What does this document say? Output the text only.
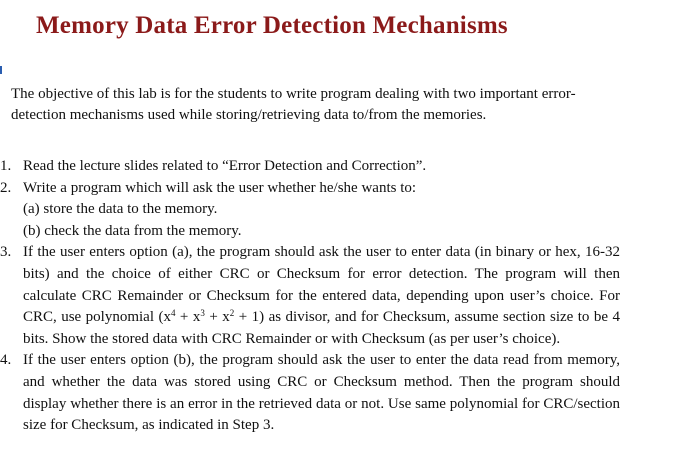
Memory Data Error Detection Mechanisms

The objective of this lab is for the students to write program dealing with two important error-detection mechanisms used while storing/retrieving data to/from the memories.

1. Read the lecture slides related to “Error Detection and Correction”.
2. Write a program which will ask the user whether he/she wants to:
(a) store the data to the memory.
(b) check the data from the memory.
3. If the user enters option (a), the program should ask the user to enter data (in binary or hex, 16-32 bits) and the choice of either CRC or Checksum for error detection. The program will then calculate CRC Remainder or Checksum for the entered data, depending upon user’s choice. For CRC, use polynomial $(x^4 + x^3 + x^2 + 1)$ as divisor, and for Checksum, assume section size to be 4 bits. Show the stored data with CRC Remainder or with Checksum (as per user’s choice).
4. If the user enters option (b), the program should ask the user to enter the data read from memory, and whether the data was stored using CRC or Checksum method. Then the program should display whether there is an error in the retrieved data or not. Use same polynomial for CRC/section size for Checksum, as indicated in Step 3.
